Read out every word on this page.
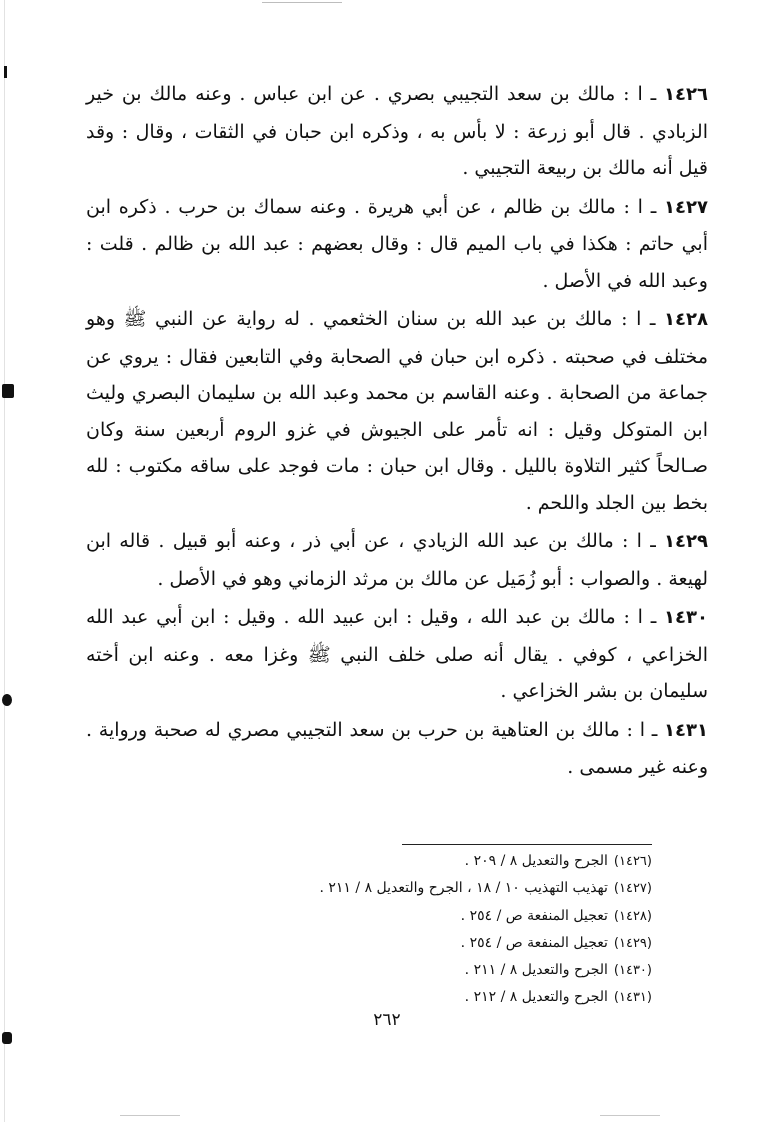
١٤٢٦ ـ ا : مالك بن سعد التجيبي بصري . عن ابن عباس . وعنه مالك بن خير الزبادي . قال أبو زرعة : لا بأس به ، وذكره ابن حبان في الثقات ، وقال : وقد قيل أنه مالك بن ربيعة التجيبي .

١٤٢٧ ـ ا : مالك بن ظالم ، عن أبي هريرة . وعنه سماك بن حرب . ذكره ابن أبي حاتم : هكذا في باب الميم قال : وقال بعضهم : عبد الله بن ظالم . قلت : وعبد الله في الأصل .

١٤٢٨ ـ ا : مالك بن عبد الله بن سنان الخثعمي . له رواية عن النبي ﷺ وهو مختلف في صحبته . ذكره ابن حبان في الصحابة وفي التابعين فقال : يروي عن جماعة من الصحابة . وعنه القاسم بن محمد وعبد الله بن سليمان البصري وليث ابن المتوكل وقيل : انه تأمر على الجيوش في غزو الروم أربعين سنة وكان صـالحاً كثير التلاوة بالليل . وقال ابن حبان : مات فوجد على ساقه مكتوب : لله بخط بين الجلد واللحم .

١٤٢٩ ـ ا : مالك بن عبد الله الزيادي ، عن أبي ذر ، وعنه أبو قبيل . قاله ابن لهيعة . والصواب : أبو زُمَيل عن مالك بن مرثد الزماني وهو في الأصل .

١٤٣٠ ـ ا : مالك بن عبد الله ، وقيل : ابن عبيد الله . وقيل : ابن أبي عبد الله الخزاعي ، كوفي . يقال أنه صلى خلف النبي ﷺ وغزا معه . وعنه ابن أخته سليمان بن بشر الخزاعي .

١٤٣١ ـ ا : مالك بن العتاهية بن حرب بن سعد التجيبي مصري له صحبة ورواية . وعنه غير مسمى .

(١٤٢٦)الجرح والتعديل ٨ / ٢٠٩ .
(١٤٢٧)تهذيب التهذيب ١٠ / ١٨ ، الجرح والتعديل ٨ / ٢١١ .
(١٤٢٨)تعجيل المنفعة ص / ٢٥٤ .
(١٤٢٩)تعجيل المنفعة ص / ٢٥٤ .
(١٤٣٠)الجرح والتعديل ٨ / ٢١١ .
(١٤٣١)الجرح والتعديل ٨ / ٢١٢ .
٢٦٢
